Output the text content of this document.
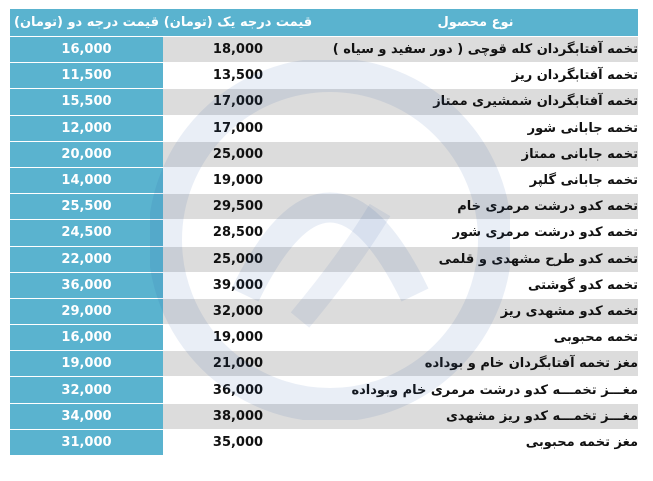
نوع محصول	قیمت درجه یک (تومان)	قیمت درجه دو (تومان)
تخمه آفتابگردان کله قوچی ( دور سفید و سیاه )	18,000	16,000
تخمه آفتابگردان ریز	13,500	11,500
تخمه آفتابگردان شمشیری ممتاز	17,000	15,500
تخمه جابانی شور	17,000	12,000
تخمه جابانی ممتاز	25,000	20,000
تخمه جابانی گلپر	19,000	14,000
تخمه کدو درشت مرمری خام	29,500	25,500
تخمه کدو درشت مرمری شور	28,500	24,500
تخمه کدو طرح مشهدی و قلمی	25,000	22,000
تخمه کدو گوشتی	39,000	36,000
تخمه کدو مشهدی ریز	32,000	29,000
تخمه محبوبی	19,000	16,000
مغز تخمه آفتابگردان خام و بوداده	21,000	19,000
مغـــز تخمـــه کدو درشت مرمری خام وبوداده	36,000	32,000
مغـــز تخمـــه کدو ریز مشهدی	38,000	34,000
مغز تخمه محبوبی	35,000	31,000
